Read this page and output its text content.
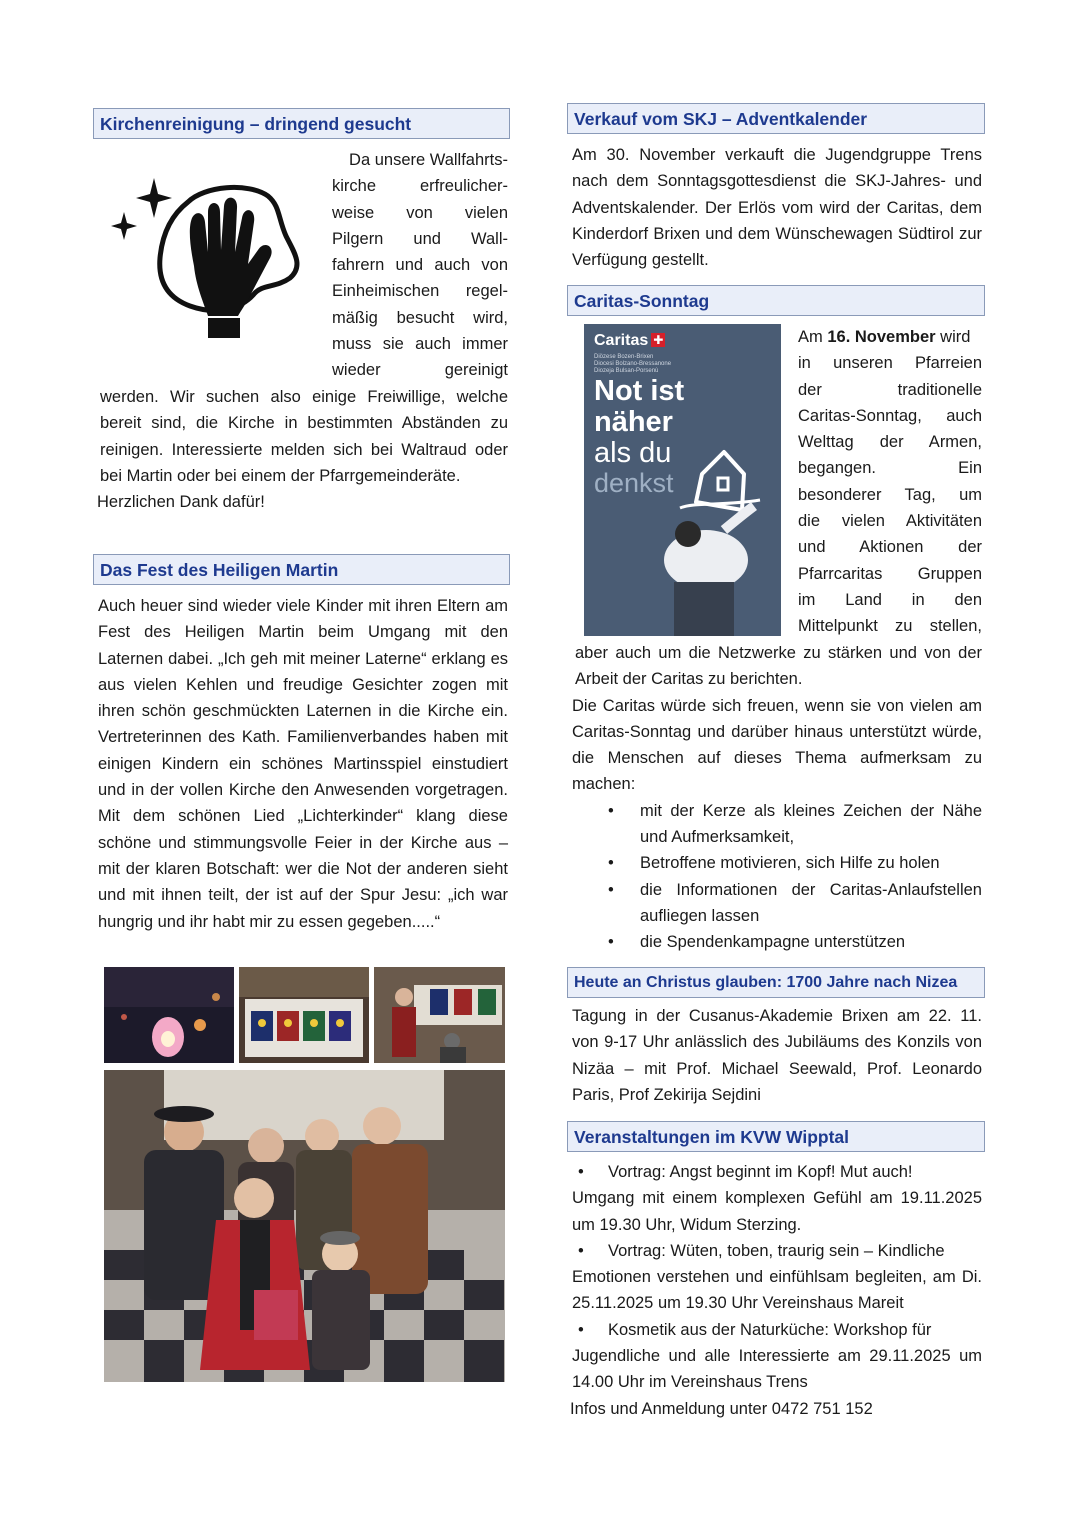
Kirchenreinigung – dringend gesucht

Da unsere Wallfahrts-

kirche erfreulicher-

weise von vielen

Pilgern und Wall-

fahrern und auch von

Einheimischen regel-

mäßig besucht wird,

muss sie auch immer

wieder gereinigt

werden. Wir suchen also einige Freiwillige, welche bereit sind, die Kirche in bestimmten Abständen zu reinigen. Interessierte melden sich bei Waltraud oder bei Martin oder bei einem der Pfarrgemeinderäte.

Herzlichen Dank dafür!

Das Fest des Heiligen Martin

Auch heuer sind wieder viele Kinder mit ihren Eltern am Fest des Heiligen Martin beim Umgang mit den Laternen dabei. „Ich geh mit meiner Laterne“ erklang es aus vielen Kehlen und freudige Gesichter zogen mit ihren schön geschmückten Laternen in die Kirche ein. Vertreterinnen des Kath. Familienverbandes haben mit einigen Kindern ein schönes Martinsspiel einstudiert und in der vollen Kirche den Anwesenden vorgetragen. Mit dem schönen Lied „Lichterkinder“ klang diese schöne und stimmungsvolle Feier in der Kirche aus – mit der klaren Botschaft: wer die Not der anderen sieht und mit ihnen teilt, der ist auf der Spur Jesu: „ich war hungrig und ihr habt mir zu essen gegeben.....“

Verkauf vom SKJ – Adventkalender

Am 30. November verkauft die Jugendgruppe Trens nach dem Sonntagsgottesdienst die SKJ-Jahres- und Adventskalender. Der Erlös vom wird der Caritas, dem Kinderdorf Brixen und dem Wünschewagen Südtirol zur Verfügung gestellt.

Caritas-Sonntag
Caritas ✚
Diözese Bozen-Brixen
Diocesi Bolzano-Bressanone
Diozeja Bulsan-Porsenù
Not ist
näher
als du
denkst

Am 16. November wird

in unseren Pfarreien

der traditionelle

Caritas-Sonntag, auch

Welttag der Armen,

begangen. Ein

besonderer Tag, um

die vielen Aktivitäten

und Aktionen der

Pfarrcaritas Gruppen

im Land in den

Mittelpunkt zu stellen,

aber auch um die Netzwerke zu stärken und von der Arbeit der Caritas zu berichten.

Die Caritas würde sich freuen, wenn sie von vielen am Caritas-Sonntag und darüber hinaus unterstützt würde, die Menschen auf dieses Thema aufmerksam zu machen:

• mit der Kerze als kleines Zeichen der Nähe und Aufmerksamkeit,
• Betroffene motivieren, sich Hilfe zu holen
• die Informationen der Caritas-Anlaufstellen aufliegen lassen
• die Spendenkampagne unterstützen
Heute an Christus glauben: 1700 Jahre nach Nizea

Tagung in der Cusanus-Akademie Brixen am 22. 11. von 9-17 Uhr anlässlich des Jubiläums des Konzils von Nizäa – mit Prof. Michael Seewald, Prof. Leonardo Paris, Prof Zekirija Sejdini

Veranstaltungen im KVW Wipptal
• Vortrag: Angst beginnt im Kopf! Mut auch!

Umgang mit einem komplexen Gefühl am 19.11.2025 um 19.30 Uhr, Widum Sterzing.

• Vortrag: Wüten, toben, traurig sein – Kindliche

Emotionen verstehen und einfühlsam begleiten, am Di. 25.11.2025 um 19.30 Uhr Vereinshaus Mareit

• Kosmetik aus der Naturküche: Workshop für

Jugendliche und alle Interessierte am 29.11.2025 um 14.00 Uhr im Vereinshaus Trens

Infos und Anmeldung unter 0472 751 152
